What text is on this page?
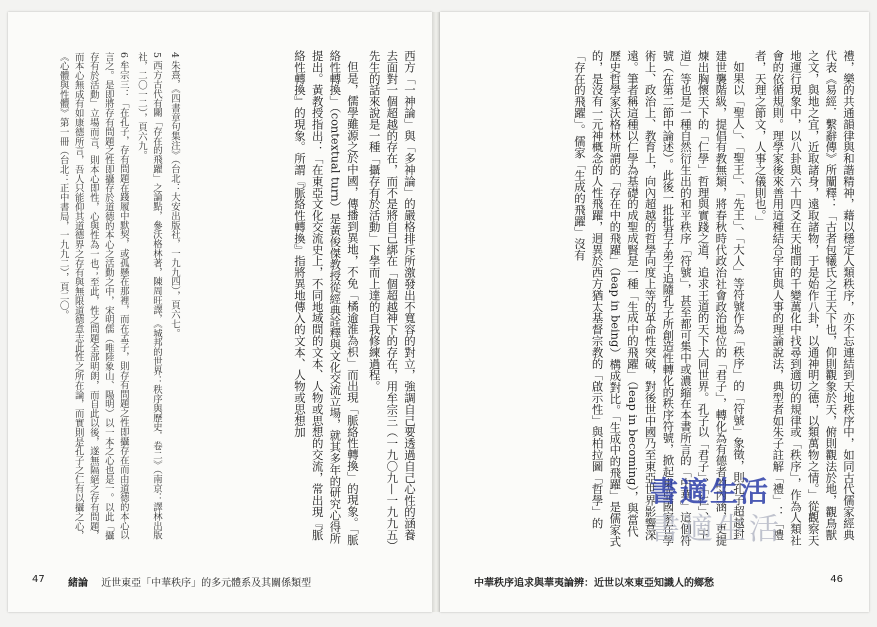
西方「一神論」與「多神論」的嚴格排斥所激發出不寬容的對立，強調自己要透過自己心性的涵養去面對一個超越的存在，而不是將自己綁在「個超越神下的存在，用牟宗三（一九〇九—一九九五）先生的話來說是一種「攝存有於活動」下學而上達的自我修練過程。

但是，儒學雖源之於中國，傳播到異地，不免「橘逾淮為枳」而出現「脈絡性轉換」的現象。「脈絡性轉換」（contextual turn）是黃俊傑教授從經典詮釋與文化交流立場，就其多年的研究心得所提出。黃教授指出：「在東亞文化交流史上，不同地域間的文本、人物或思想的交流，常出現『脈絡性轉換』的現象。所謂『脈絡性轉換』指將異地傳入的文本、人物或思想加

4 朱熹，《四書章句集注》（台北：大安出版社，一九九四），頁六七。

5 西方古代有關「存在的飛躍」之論點，參沃格林著，陳周旺譯，《城邦的世界：秩序與歷史．卷二》（南京：譯林出版社，二〇一二），頁六九。

6 牟宗三：「在孔子，存有問題在踐履中默契，或孤懸在那裡，而在孟子，則存有問題之性即攝存在而由道德的本心以言之。是即將存有問題之性即攝存於道德的本心之活動之中，宋明儒（唯陸象山、陽明）以一本之心也是一。以此「攝存有於活動」立場而言，則本心即性，心與性為一也；至此，性之問題全部明朗，而自此以後，遂無隔絕之存有問題，而本心無成有如康德所言，吾人只能仰其道德界之存有與無限道德意志此性之所在論，而實則是孔子之仁有以攝之心，《心體與性體》第一冊（台北：正中書局，一九九二），頁二〇。

47 緒論 近世東亞「中華秩序」的多元體系及其關係類型

禮，樂的共通韻律與和諧精神，藉以穩定人類秩序，亦不忘連結到天地秩序中，如同古代儒家經典代表《易經．繫辭傳》所闡釋：「古者包犧氏之王天下也，仰則觀象於天，俯則觀法於地，觀鳥獸之文，與地之宜，近取諸身，遠取諸物，于是始作八卦，以通神明之德，以類萬物之情。」從觀察天地運行現象中，以八卦與六十四爻在天地間的千變萬化中找尋到適切的規律或「秩序」，作為人類社會的依循規則。理學家後來善用這種結合宇宙與人事的理論說法，典型者如朱子註解「禮」：「禮者，天理之節文，人事之儀則也。」

如果以「聖人」、「聖王」、「先王」、「大人」等符號作為「秩序」的「符號」象徵，則孔子超越封建世襲階級，提倡有教無類，將春秋時代政治社會政治地位的「君子」，轉化為有德者的內涵，更提煉出胸懷天下的「仁學」哲理與實踐之道，追求王道的天下大同世界。孔子以「君子」、「仁」、「王道」等也是一種自然衍生出的和平秩序「符號」，甚至都可集中或濃縮在本書所言的「中華」這個符號（在第二節中論述）。此後一批批君子弟子追隨孔子所創造性轉化的秩序符號，掀起東亞國家在學術上、政治上、教育上，向內超越的哲學向度上等的革命性突破，對後世中國乃至東亞世界影響深遠。筆者稱這種以仁學為基礎的成聖成賢是一種「生成中的飛躍」（leap in becoming），與當代歷史哲學家沃格林所謂的「存在中的飛躍」（leap in being）構成對比。「生成中的飛躍」是儒家式的，是沒有一元神概念的人性飛躍，迥異於西方猶太基督宗教的「啟示性」與柏拉圖「哲學」的「存在的飛躍」。儒家「生成的飛躍」沒有

中華秩序追求與華夷論辨：近世以來東亞知識人的鄉愁	46
書適生活
書適生活
